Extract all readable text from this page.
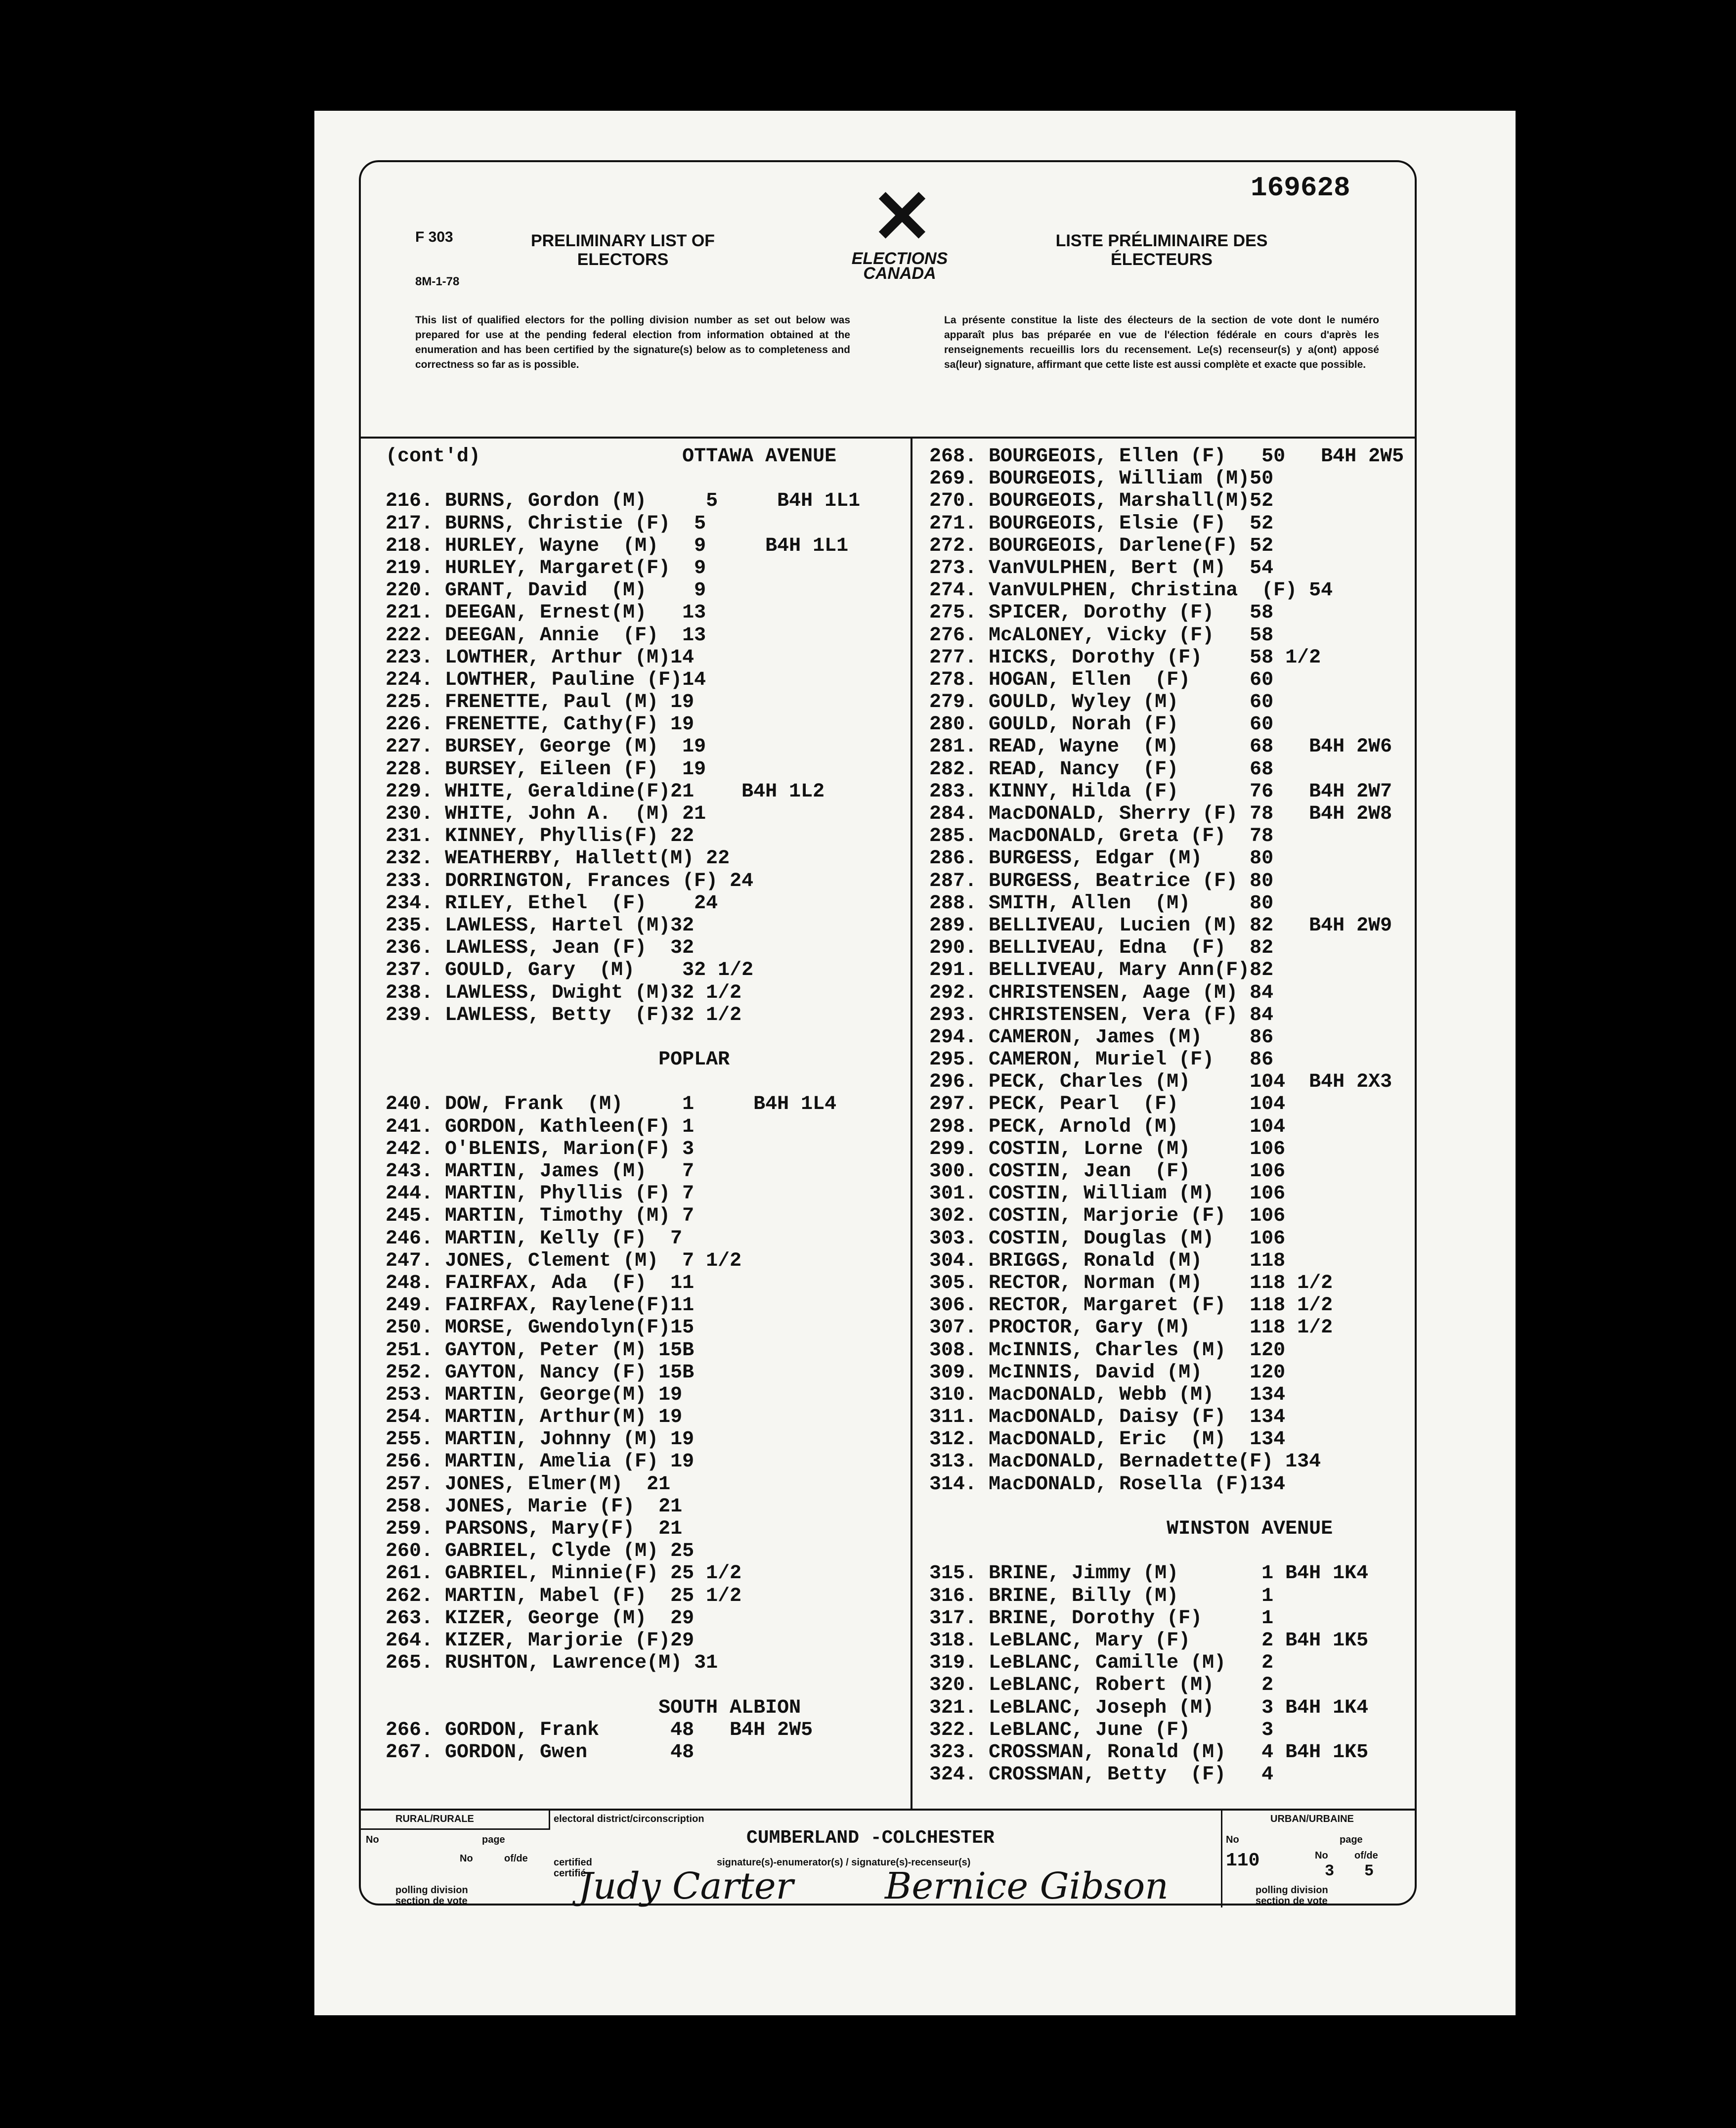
F 303
8M-1-78
PRELIMINARY LIST OF ELECTORS
✕
ELECTIONS CANADA
169628
LISTE PRÉLIMINAIRE DES ÉLECTEURS
This list of qualified electors for the polling division number as set out below was prepared for use at the pending federal election from information obtained at the enumeration and has been certified by the signature(s) below as to completeness and correctness so far as is possible.
La présente constitue la liste des électeurs de la section de vote dont le numéro apparaît plus bas préparée en vue de l'élection fédérale en cours d'après les renseignements recueillis lors du recensement. Le(s) recenseur(s) y a(ont) apposé sa(leur) signature, affirmant que cette liste est aussi complète et exacte que possible.
(cont'd)                 OTTAWA AVENUE
216. BURNS, Gordon (M)     5     B4H 1L1
217. BURNS, Christie (F)  5
218. HURLEY, Wayne  (M)   9     B4H 1L1
219. HURLEY, Margaret(F)  9
220. GRANT, David  (M)    9
221. DEEGAN, Ernest(M)   13
222. DEEGAN, Annie  (F)  13
223. LOWTHER, Arthur (M)14
224. LOWTHER, Pauline (F)14
225. FRENETTE, Paul (M) 19
226. FRENETTE, Cathy(F) 19
227. BURSEY, George (M)  19
228. BURSEY, Eileen (F)  19
229. WHITE, Geraldine(F)21    B4H 1L2
230. WHITE, John A.  (M) 21
231. KINNEY, Phyllis(F) 22
232. WEATHERBY, Hallett(M) 22
233. DORRINGTON, Frances (F) 24
234. RILEY, Ethel  (F)    24
235. LAWLESS, Hartel (M)32
236. LAWLESS, Jean (F)  32
237. GOULD, Gary  (M)    32 1/2
238. LAWLESS, Dwight (M)32 1/2
239. LAWLESS, Betty  (F)32 1/2
POPLAR
240. DOW, Frank  (M)     1     B4H 1L4
241. GORDON, Kathleen(F) 1
242. O'BLENIS, Marion(F) 3
243. MARTIN, James (M)   7
244. MARTIN, Phyllis (F) 7
245. MARTIN, Timothy (M) 7
246. MARTIN, Kelly (F)  7
247. JONES, Clement (M)  7 1/2
248. FAIRFAX, Ada  (F)  11
249. FAIRFAX, Raylene(F)11
250. MORSE, Gwendolyn(F)15
251. GAYTON, Peter (M) 15B
252. GAYTON, Nancy (F) 15B
253. MARTIN, George(M) 19
254. MARTIN, Arthur(M) 19
255. MARTIN, Johnny (M) 19
256. MARTIN, Amelia (F) 19
257. JONES, Elmer(M)  21
258. JONES, Marie (F)  21
259. PARSONS, Mary(F)  21
260. GABRIEL, Clyde (M) 25
261. GABRIEL, Minnie(F) 25 1/2
262. MARTIN, Mabel (F)  25 1/2
263. KIZER, George (M)  29
264. KIZER, Marjorie (F)29
265. RUSHTON, Lawrence(M) 31
SOUTH ALBION
266. GORDON, Frank      48   B4H 2W5
267. GORDON, Gwen       48
268. BOURGEOIS, Ellen (F)   50   B4H 2W5
269. BOURGEOIS, William (M)50
270. BOURGEOIS, Marshall(M)52
271. BOURGEOIS, Elsie (F)  52
272. BOURGEOIS, Darlene(F) 52
273. VanVULPHEN, Bert (M)  54
274. VanVULPHEN, Christina  (F) 54
275. SPICER, Dorothy (F)   58
276. McALONEY, Vicky (F)   58
277. HICKS, Dorothy (F)    58 1/2
278. HOGAN, Ellen  (F)     60
279. GOULD, Wyley (M)      60
280. GOULD, Norah (F)      60
281. READ, Wayne  (M)      68   B4H 2W6
282. READ, Nancy  (F)      68
283. KINNY, Hilda (F)      76   B4H 2W7
284. MacDONALD, Sherry (F) 78   B4H 2W8
285. MacDONALD, Greta (F)  78
286. BURGESS, Edgar (M)    80
287. BURGESS, Beatrice (F) 80
288. SMITH, Allen  (M)     80
289. BELLIVEAU, Lucien (M) 82   B4H 2W9
290. BELLIVEAU, Edna  (F)  82
291. BELLIVEAU, Mary Ann(F)82
292. CHRISTENSEN, Aage (M) 84
293. CHRISTENSEN, Vera (F) 84
294. CAMERON, James (M)    86
295. CAMERON, Muriel (F)   86
296. PECK, Charles (M)     104  B4H 2X3
297. PECK, Pearl  (F)      104
298. PECK, Arnold (M)      104
299. COSTIN, Lorne (M)     106
300. COSTIN, Jean  (F)     106
301. COSTIN, William (M)   106
302. COSTIN, Marjorie (F)  106
303. COSTIN, Douglas (M)   106
304. BRIGGS, Ronald (M)    118
305. RECTOR, Norman (M)    118 1/2
306. RECTOR, Margaret (F)  118 1/2
307. PROCTOR, Gary (M)     118 1/2
308. McINNIS, Charles (M)  120
309. McINNIS, David (M)    120
310. MacDONALD, Webb (M)   134
311. MacDONALD, Daisy (F)  134
312. MacDONALD, Eric  (M)  134
313. MacDONALD, Bernadette(F) 134
314. MacDONALD, Rosella (F)134
WINSTON AVENUE
315. BRINE, Jimmy (M)       1 B4H 1K4
316. BRINE, Billy (M)       1
317. BRINE, Dorothy (F)     1
318. LeBLANC, Mary (F)      2 B4H 1K5
319. LeBLANC, Camille (M)   2
320. LeBLANC, Robert (M)    2
321. LeBLANC, Joseph (M)    3 B4H 1K4
322. LeBLANC, June (F)      3
323. CROSSMAN, Ronald (M)   4 B4H 1K5
324. CROSSMAN, Betty  (F)   4
RURAL/RURALE
No	page
No	of/de
polling division section de vote
electoral district/circonscription
CUMBERLAND -COLCHESTER
certified certifié
signature(s)-enumerator(s) / signature(s)-recenseur(s)
Judy Carter Bernice Gibson
URBAN/URBAINE
No	page
110	No	of/de
3 5
polling division section de vote
